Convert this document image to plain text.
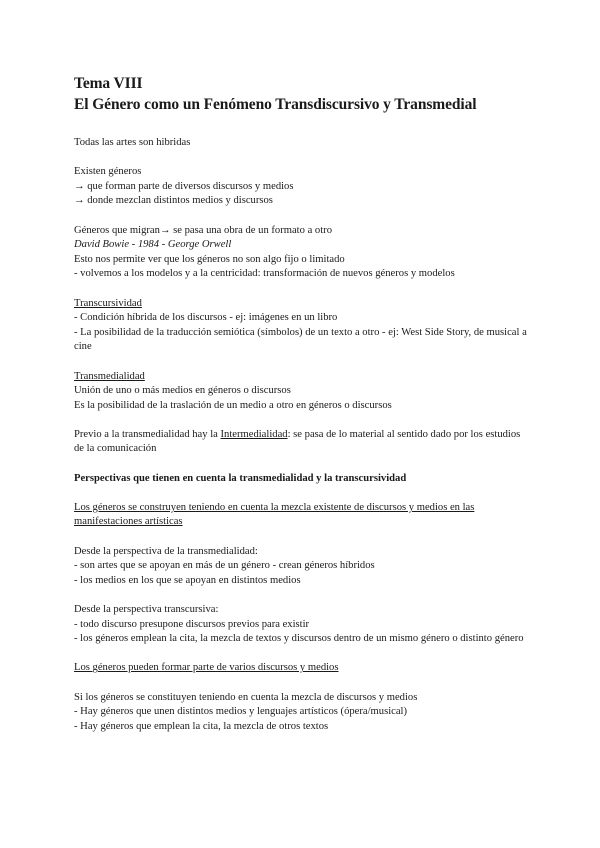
Tema VIII
El Género como un Fenómeno Transdiscursivo y Transmedial

Todas las artes son hibridas

Existen géneros

→ que forman parte de diversos discursos y medios

→ donde mezclan distintos medios y discursos

Géneros que migran→ se pasa una obra de un formato a otro

David Bowie - 1984 - George Orwell

Esto nos permite ver que los géneros no son algo fijo o limitado

- volvemos a los modelos y a la centricidad: transformación de nuevos géneros y modelos

Transcursividad

- Condición híbrida de los discursos - ej: imágenes en un libro

- La posibilidad de la traducción semiótica (símbolos) de un texto a otro - ej: West Side Story, de musical a cine

Transmedialidad

Unión de uno o más medios en géneros o discursos

Es la posibilidad de la traslación de un medio a otro en géneros o discursos

Previo a la transmedialidad hay la Intermedialidad: se pasa de lo material al sentido dado por los estudios de la comunicación

Perspectivas que tienen en cuenta la transmedialidad y la transcursividad

Los géneros se construyen teniendo en cuenta la mezcla existente de discursos y medios en las manifestaciones artísticas

Desde la perspectiva de la transmedialidad:

- son artes que se apoyan en más de un género - crean géneros híbridos

- los medios en los que se apoyan en distintos medios

Desde la perspectiva transcursiva:

- todo discurso presupone discursos previos para existir

- los géneros emplean la cita, la mezcla de textos y discursos dentro de un mismo género o distinto género

Los géneros pueden formar parte de varios discursos y medios

Si los géneros se constituyen teniendo en cuenta la mezcla de discursos y medios

- Hay géneros que unen distintos medios y lenguajes artísticos (ópera/musical)

- Hay géneros que emplean la cita, la mezcla de otros textos
